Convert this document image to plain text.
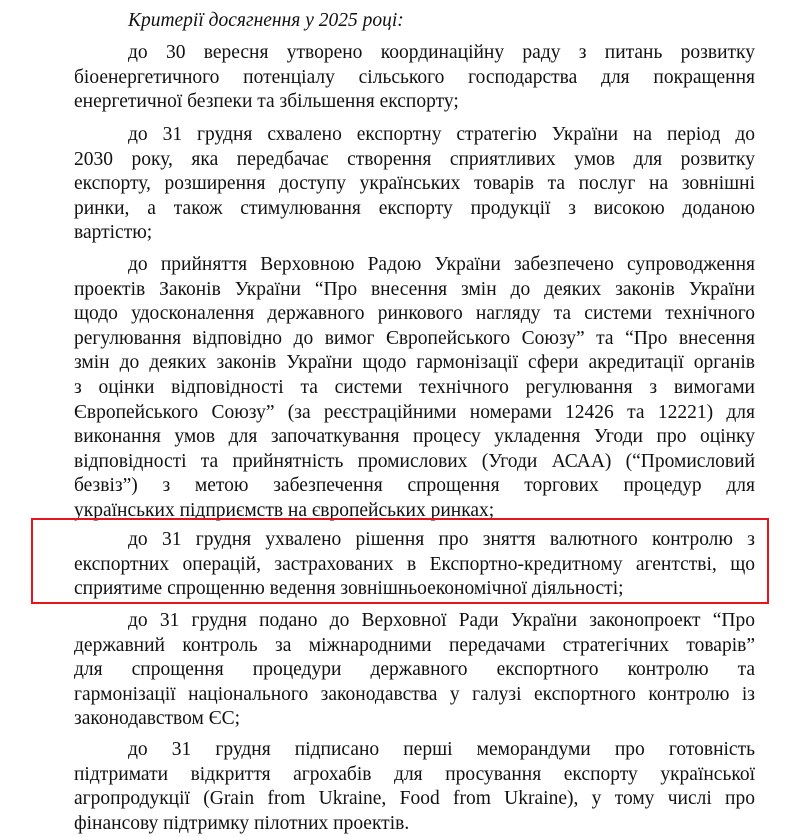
Критерії досягнення у 2025 році:
до 30 вересня утворено координаційну раду з питань розвитку
біоенергетичного потенціалу сільського господарства для покращення
енергетичної безпеки та збільшення експорту;
до 31 грудня схвалено експортну стратегію України на період до
2030 року, яка передбачає створення сприятливих умов для розвитку
експорту, розширення доступу українських товарів та послуг на зовнішні
ринки, а також стимулювання експорту продукції з високою доданою
вартістю;
до прийняття Верховною Радою України забезпечено супроводження
проектів Законів України “Про внесення змін до деяких законів України
щодо удосконалення державного ринкового нагляду та системи технічного
регулювання відповідно до вимог Європейського Союзу” та “Про внесення
змін до деяких законів України щодо гармонізації сфери акредитації органів
з оцінки відповідності та системи технічного регулювання з вимогами
Європейського Союзу” (за реєстраційними номерами 12426 та 12221) для
виконання умов для започаткування процесу укладення Угоди про оцінку
відповідності та прийнятність промислових (Угоди АСАА) (“Промисловий
безвіз”) з метою забезпечення спрощення торгових процедур для
українських підприємств на європейських ринках;
до 31 грудня ухвалено рішення про зняття валютного контролю з
експортних операцій, застрахованих в Експортно-кредитному агентстві, що
сприятиме спрощенню ведення зовнішньоекономічної діяльності;
до 31 грудня подано до Верховної Ради України законопроект “Про
державний контроль за міжнародними передачами стратегічних товарів”
для спрощення процедури державного експортного контролю та
гармонізації національного законодавства у галузі експортного контролю із
законодавством ЄС;
до 31 грудня підписано перші меморандуми про готовність
підтримати відкриття агрохабів для просування експорту української
агропродукції (Grain from Ukraine, Food from Ukraine), у тому числі про
фінансову підтримку пілотних проектів.
